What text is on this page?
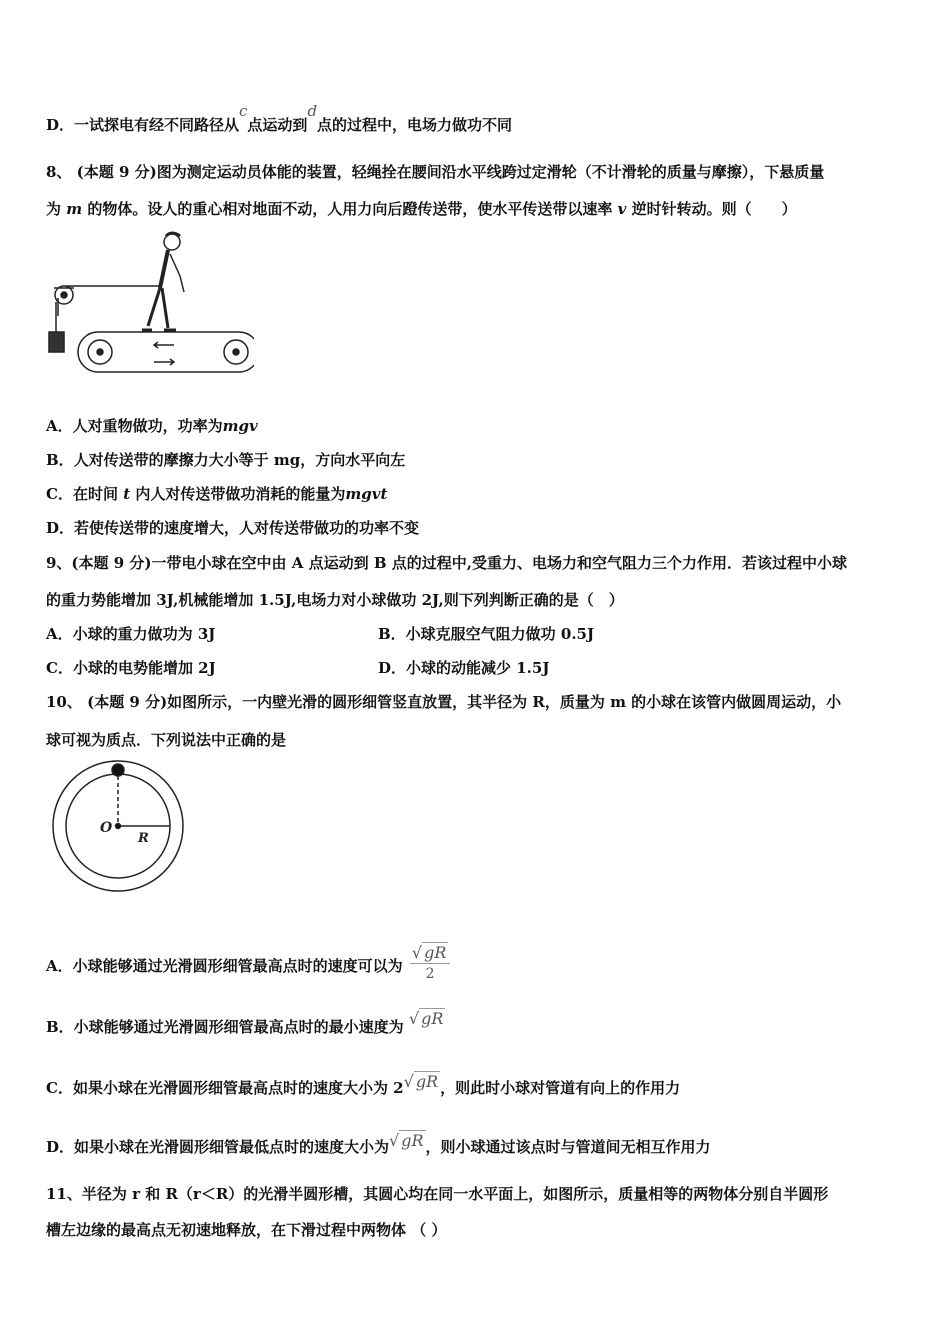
D．一试探电有经不同路径从c点运动到d点的过程中，电场力做功不同
8、 (本题 9 分)图为测定运动员体能的装置，轻绳拴在腰间沿水平线跨过定滑轮（不计滑轮的质量与摩擦），下悬质量
为 m 的物体。设人的重心相对地面不动，人用力向后蹬传送带，使水平传送带以速率 v 逆时针转动。则（　　）
A．人对重物做功，功率为mgv
B．人对传送带的摩擦力大小等于 mg，方向水平向左
C．在时间 t 内人对传送带做功消耗的能量为mgvt
D．若使传送带的速度增大，人对传送带做功的功率不变
9、(本题 9 分)一带电小球在空中由 A 点运动到 B 点的过程中,受重力、电场力和空气阻力三个力作用．若该过程中小球
的重力势能增加 3J,机械能增加 1.5J,电场力对小球做功 2J,则下列判断正确的是（　）
A．小球的重力做功为 3J	B．小球克服空气阻力做功 0.5J
C．小球的电势能增加 2J	D．小球的动能减少 1.5J
10、 (本题 9 分)如图所示，一内壁光滑的圆形细管竖直放置，其半径为 R，质量为 m 的小球在该管内做圆周运动，小
球可视为质点．下列说法中正确的是
O
R
A．小球能够通过光滑圆形细管最高点时的速度可以为 $\frac{√ gR}{2}$
B．小球能够通过光滑圆形细管最高点时的最小速度为 √ gR
C．如果小球在光滑圆形细管最高点时的速度大小为 2 √ gR ，则此时小球对管道有向上的作用力
D．如果小球在光滑圆形细管最低点时的速度大小为 √ gR ，则小球通过该点时与管道间无相互作用力
11、半径为 r 和 R（r＜R）的光滑半圆形槽，其圆心均在同一水平面上，如图所示，质量相等的两物体分别自半圆形
槽左边缘的最高点无初速地释放，在下滑过程中两物体 （ ）
